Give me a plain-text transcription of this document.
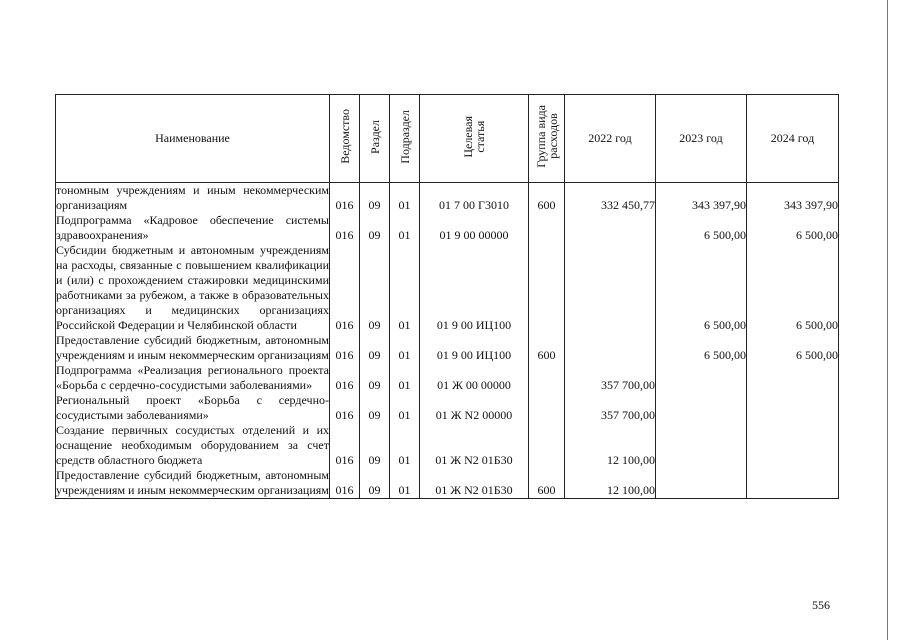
Наименование	Ведомство	Раздел	Подраздел	Целевая
статья	Группа вида
расходов	2022 год	2023 год	2024 год
тономным учреждениям и иным некоммерческим организациям	016	09	01	01 7 00 Г3010	600	332 450,77	343 397,90	343 397,90
Подпрограмма «Кадровое обеспечение системы здравоохранения»	016	09	01	01 9 00 00000			6 500,00	6 500,00
Субсидии бюджетным и автономным учреждениям на расходы, связанные с повышением квалификации и (или) с прохождением стажировки медицинскими работниками за рубежом, а также в образовательных организациях и медицинских организациях Российской Федерации и Челябинской области	016	09	01	01 9 00 ИЦ100			6 500,00	6 500,00
Предоставление субсидий бюджетным, автономным учреждениям и иным некоммерческим организациям	016	09	01	01 9 00 ИЦ100	600		6 500,00	6 500,00
Подпрограмма «Реализация регионального проекта «Борьба с сердечно-сосудистыми заболеваниями»	016	09	01	01 Ж 00 00000		357 700,00		
Региональный проект «Борьба с сердечно-сосудистыми заболеваниями»	016	09	01	01 Ж N2 00000		357 700,00		
Создание первичных сосудистых отделений и их оснащение необходимым оборудованием за счет средств областного бюджета	016	09	01	01 Ж N2 01Б30		12 100,00		
Предоставление субсидий бюджетным, автономным учреждениям и иным некоммерческим организациям	016	09	01	01 Ж N2 01Б30	600	12 100,00		
556
